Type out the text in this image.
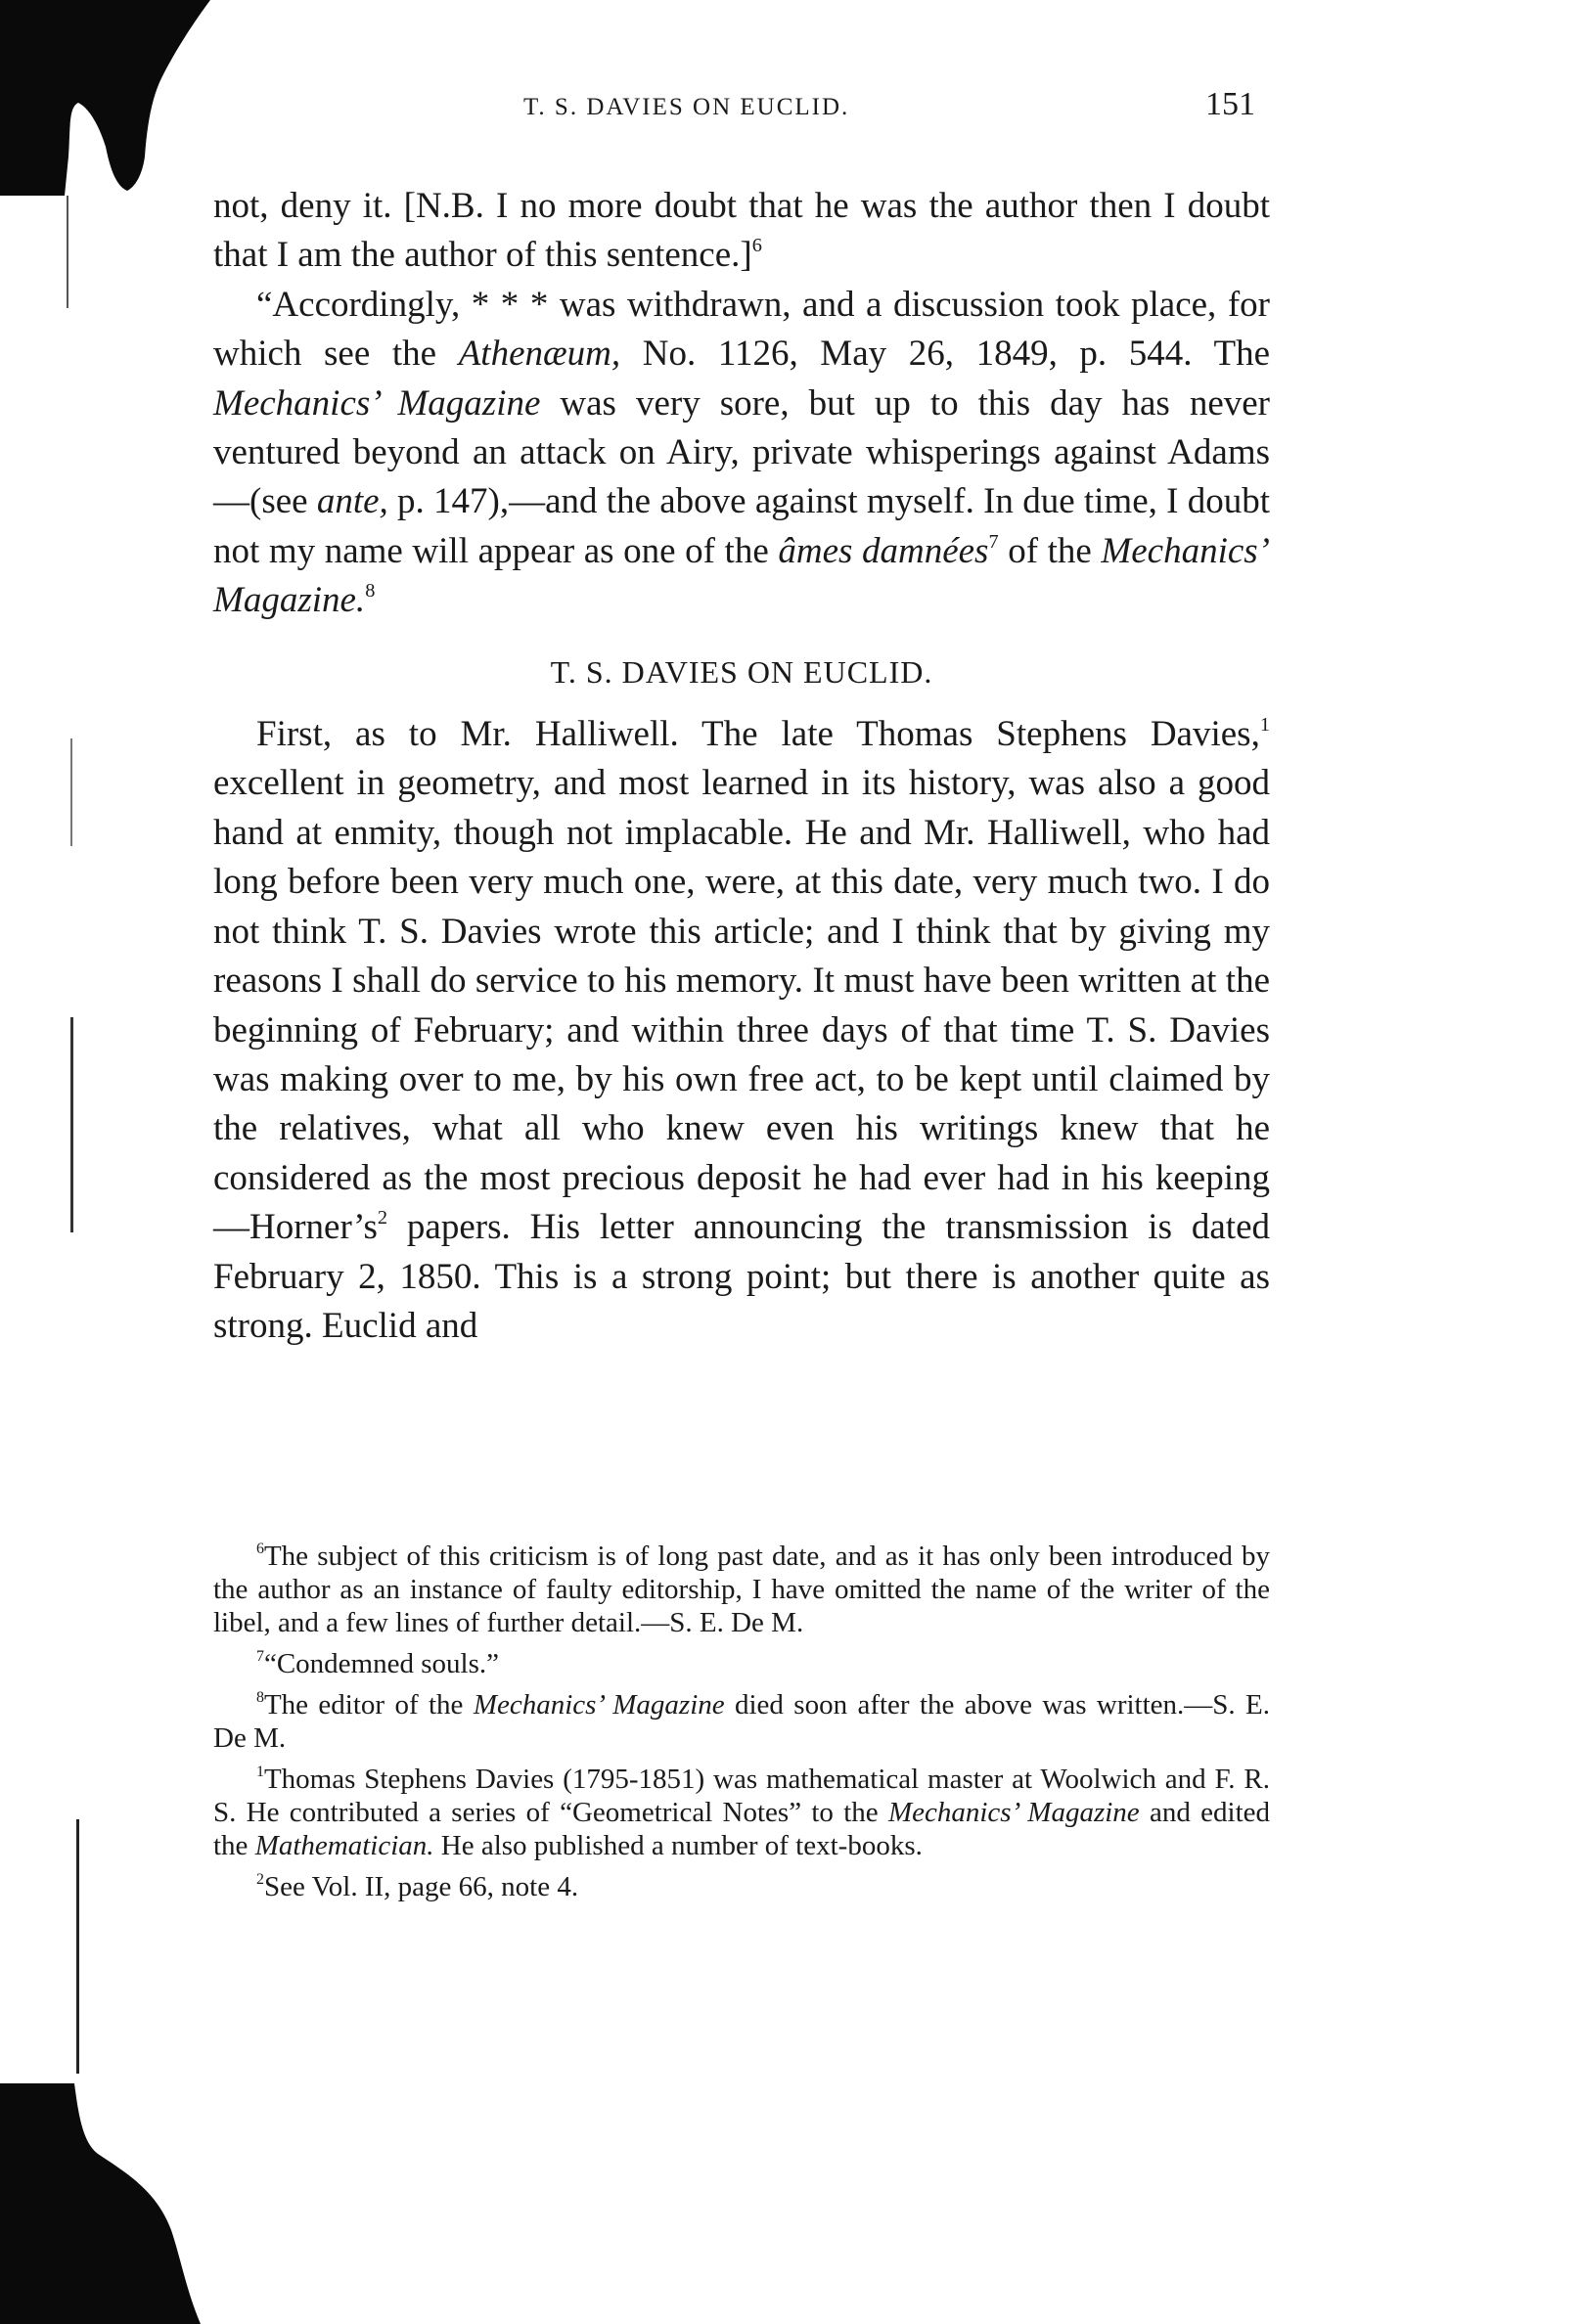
T. S. DAVIES ON EUCLID.	151

not, deny it. [N.B. I no more doubt that he was the author then I doubt that I am the author of this sentence.]$^6$

“Accordingly, * * * was withdrawn, and a discussion took place, for which see the Athenæum, No. 1126, May 26, 1849, p. 544. The Mechanics’ Magazine was very sore, but up to this day has never ventured beyond an attack on Airy, private whisperings against Adams—(see ante, p. 147),—and the above against myself. In due time, I doubt not my name will appear as one of the âmes damnées$^7$ of the Mechanics’ Magazine.$^8$

T. S. DAVIES ON EUCLID.

First, as to Mr. Halliwell. The late Thomas Stephens Davies,$^1$ excellent in geometry, and most learned in its history, was also a good hand at enmity, though not implacable. He and Mr. Halliwell, who had long before been very much one, were, at this date, very much two. I do not think T. S. Davies wrote this article; and I think that by giving my reasons I shall do service to his memory. It must have been written at the beginning of February; and within three days of that time T. S. Davies was making over to me, by his own free act, to be kept until claimed by the relatives, what all who knew even his writings knew that he considered as the most precious deposit he had ever had in his $keeping—Horner’s^2$ papers. His letter announcing the transmission is dated February 2, 1850. This is a strong point; but there is another quite as strong. Euclid and

$^6$The subject of this criticism is of long past date, and as it has only been introduced by the author as an instance of faulty editorship, I have omitted the name of the writer of the libel, and a few lines of further detail.—S. E. De M.

$^7$“Condemned souls.”

$^8$The editor of the Mechanics’ Magazine died soon after the above was written.—S. E. De M.

$^1$Thomas Stephens Davies (1795-1851) was mathematical master at Woolwich and F. R. S. He contributed a series of “Geometrical Notes” to the Mechanics’ Magazine and edited the Mathematician. He also published a number of text-books.

$^2$See Vol. II, page 66, note 4.
